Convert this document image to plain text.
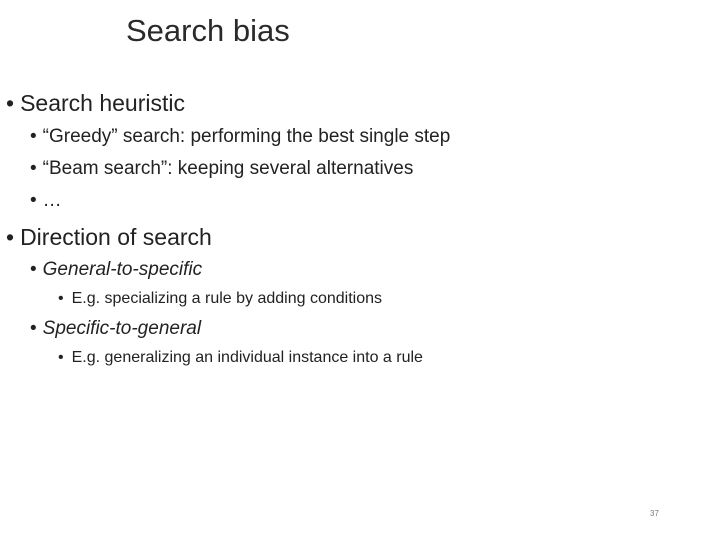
Search bias
• Search heuristic
• “Greedy” search: performing the best single step
• “Beam search”: keeping several alternatives
• …
• Direction of search
• General-to-specific
• E.g. specializing a rule by adding conditions
• Specific-to-general
• E.g. generalizing an individual instance into a rule
37
